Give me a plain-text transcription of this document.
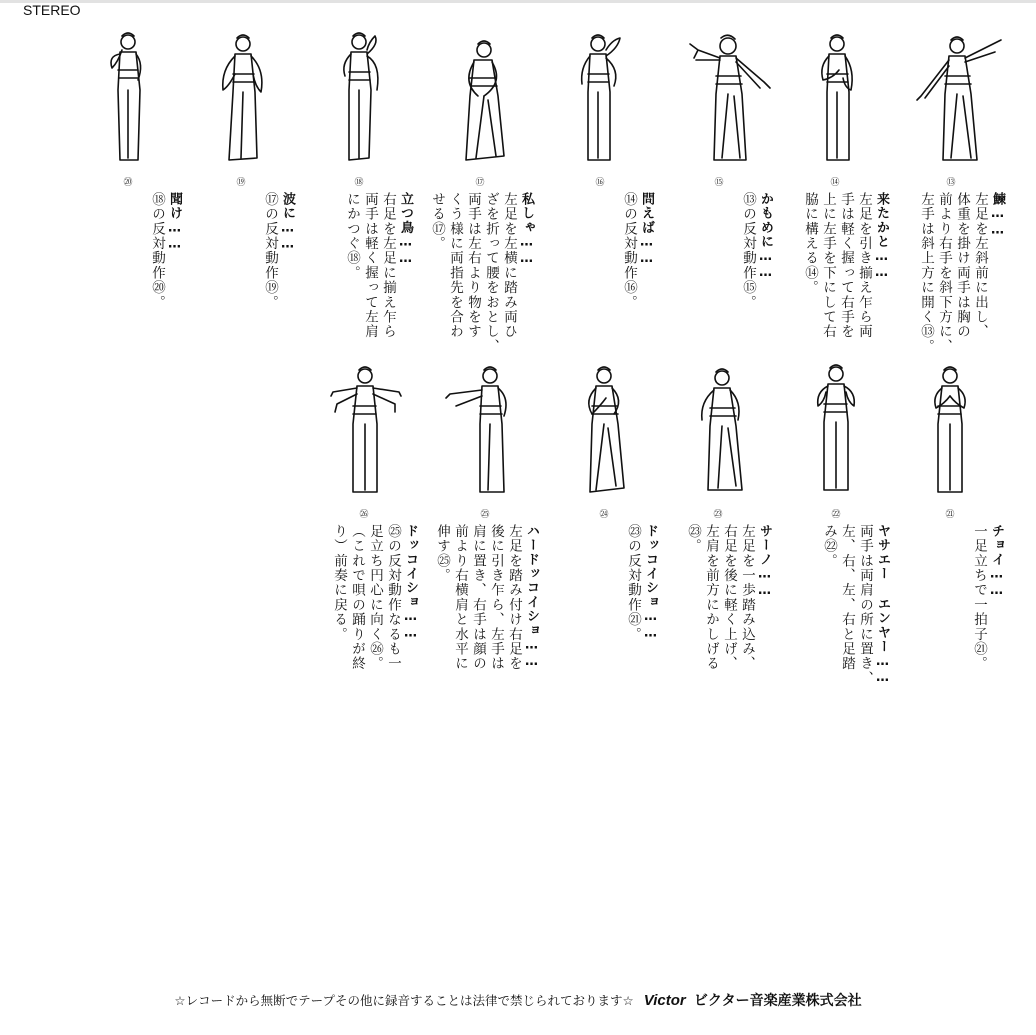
STEREO
⑳
聞け……
⑱の反対動作⑳。
⑲
波に……
⑰の反対動作⑲。
⑱
立つ鳥……
右足を左足に揃え乍ら
両手は軽く握って左肩
にかつぐ⑱。
⑰
私しゃ……
左足を左横に踏み両ひ
ざを折って腰をおとし、
両手は左右より物をす
くう様に両指先を合わ
せる⑰。
⑯
問えば……
⑭の反対動作⑯。
⑮
かもめに……
⑬の反対動作⑮。
⑭
来たかと……
左足を引き揃え乍ら両
手は軽く握って右手を
上に左手を下にして右
脇に構える⑭。
⑬
鰊……
左足を左斜前に出し、
体重を掛け両手は胸の
前より右手を斜下方に、
左手は斜上方に開く⑬。
㉖
ドッコイショ……
㉕の反対動作なるも一
足立ち円心に向く㉖。
（これで唄の踊りが終
り）前奏に戻る。
㉕
ハードッコイショ……
左足を踏み付け右足を
後に引き乍ら、左手は
肩に置き、右手は顔の
前より右横肩と水平に
伸す㉕。
㉔
ドッコイショ……
㉓の反対動作㉑。
㉓
サーノ……
左足を一歩踏み込み、
右足を後に軽く上げ、
左肩を前方にかしげる
㉓。
㉒
ヤサエー エンヤー……
両手は両肩の所に置き、
左、右、左、右と足踏
み㉒。
㉑
チョイ……
一足立ちで一拍子㉑。
☆レコードから無断でテープその他に録音することは法律で禁じられております☆ Victor ビクター音楽産業株式会社
